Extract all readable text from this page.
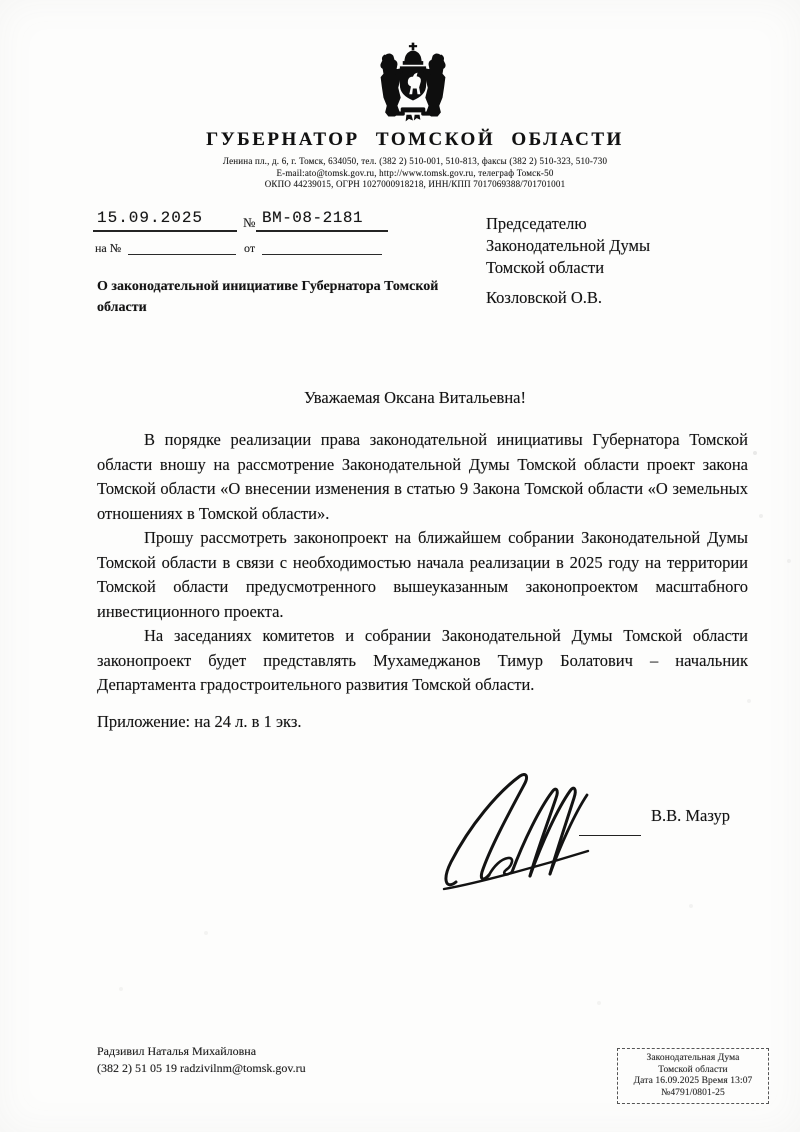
ГУБЕРНАТОР ТОМСКОЙ ОБЛАСТИ
Ленина пл., д. 6, г. Томск, 634050, тел. (382 2) 510-001, 510-813, факсы (382 2) 510-323, 510-730
E-mail:ato@tomsk.gov.ru, http://www.tomsk.gov.ru, телеграф Томск-50
ОКПО 44239015, ОГРН 1027000918218, ИНН/КПП 7017069388/701701001
15.09.2025	№ ВМ-08-2181
на №	от
О законодательной инициативе Губернатора Томской области
Председателю
Законодательной Думы
Томской области
Козловской О.В.
Уважаемая Оксана Витальевна!

В порядке реализации права законодательной инициативы Губернатора Томской области вношу на рассмотрение Законодательной Думы Томской области проект закона Томской области «О внесении изменения в статью 9 Закона Томской области «О земельных отношениях в Томской области».

Прошу рассмотреть законопроект на ближайшем собрании Законодательной Думы Томской области в связи с необходимостью начала реализации в 2025 году на территории Томской области предусмотренного вышеуказанным законопроектом масштабного инвестиционного проекта.

На заседаниях комитетов и собрании Законодательной Думы Томской области законопроект будет представлять Мухамеджанов Тимур Болатович – начальник Департамента градостроительного развития Томской области.

Приложение: на 24 л. в 1 экз.
В.В. Мазур
Радзивил Наталья Михайловна
(382 2) 51 05 19 radzivilnm@tomsk.gov.ru
Законодательная Дума
Томской области
Дата 16.09.2025 Время 13:07
№4791/0801-25
